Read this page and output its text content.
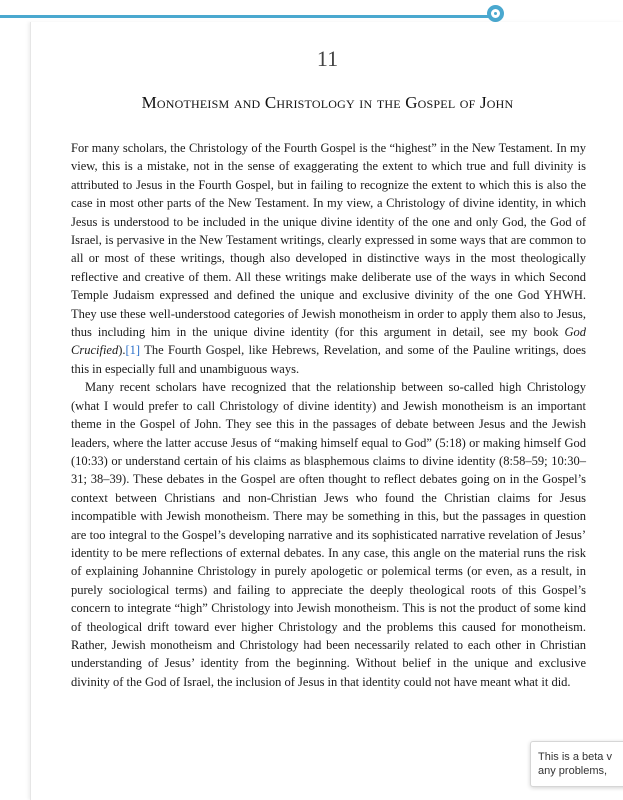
11
Monotheism and Christology in the Gospel of John

For many scholars, the Christology of the Fourth Gospel is the “highest” in the New Testament. In my view, this is a mistake, not in the sense of exaggerating the extent to which true and full divinity is attributed to Jesus in the Fourth Gospel, but in failing to recognize the extent to which this is also the case in most other parts of the New Testament. In my view, a Christology of divine identity, in which Jesus is understood to be included in the unique divine identity of the one and only God, the God of Israel, is pervasive in the New Testament writings, clearly expressed in some ways that are common to all or most of these writings, though also developed in distinctive ways in the most theologically reflective and creative of them. All these writings make deliberate use of the ways in which Second Temple Judaism expressed and defined the unique and exclusive divinity of the one God YHWH. They use these well-understood categories of Jewish monotheism in order to apply them also to Jesus, thus including him in the unique divine identity (for this argument in detail, see my book God Crucified).[1] The Fourth Gospel, like Hebrews, Revelation, and some of the Pauline writings, does this in especially full and unambiguous ways.

Many recent scholars have recognized that the relationship between so-called high Christology (what I would prefer to call Christology of divine identity) and Jewish monotheism is an important theme in the Gospel of John. They see this in the passages of debate between Jesus and the Jewish leaders, where the latter accuse Jesus of “making himself equal to God” (5:18) or making himself God (10:33) or understand certain of his claims as blasphemous claims to divine identity (8:58–59; 10:30–31; 38–39). These debates in the Gospel are often thought to reflect debates going on in the Gospel’s context between Christians and non-Christian Jews who found the Christian claims for Jesus incompatible with Jewish monotheism. There may be something in this, but the passages in question are too integral to the Gospel’s developing narrative and its sophisticated narrative revelation of Jesus’ identity to be mere reflections of external debates. In any case, this angle on the material runs the risk of explaining Johannine Christology in purely apologetic or polemical terms (or even, as a result, in purely sociological terms) and failing to appreciate the deeply theological roots of this Gospel’s concern to integrate “high” Christology into Jewish monotheism. This is not the product of some kind of theological drift toward ever higher Christology and the problems this caused for monotheism. Rather, Jewish monotheism and Christology had been necessarily related to each other in Christian understanding of Jesus’ identity from the beginning. Without belief in the unique and exclusive divinity of the God of Israel, the inclusion of Jesus in that identity could not have meant what it did.

This is a beta v
any problems,
